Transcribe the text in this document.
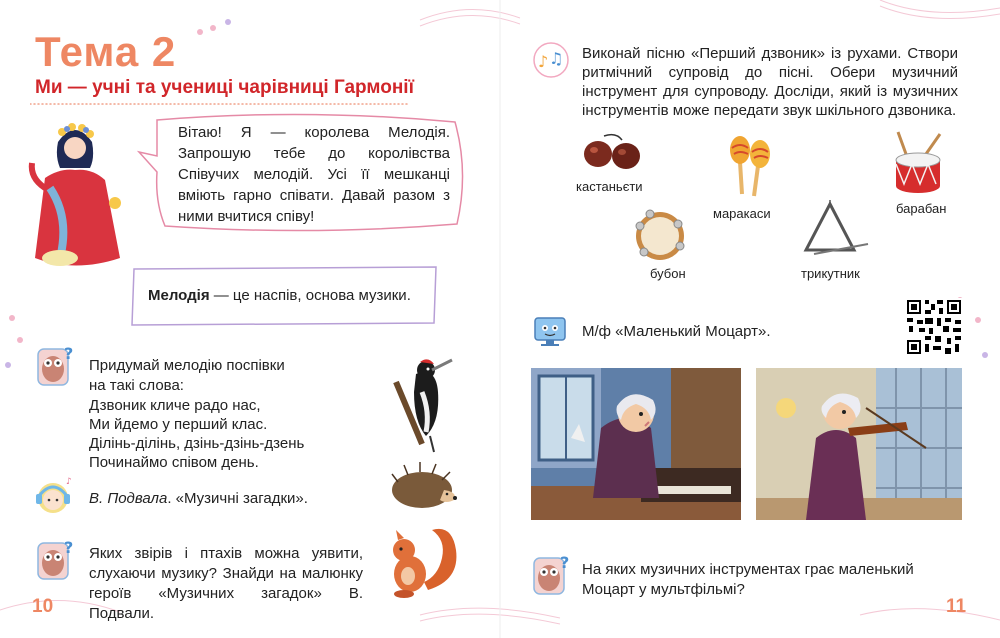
Тема 2
Ми — учні та учениці чарівниці Гармонії
Вітаю! Я — королева Мелодія. Запрошую тебе до королівства Співучих мелодій. Усі її мешканці вміють гарно співати. Давай разом з ними вчитися співу!
Мелодія — це наспів, основа музики.
?
Придумай мелодію поспівки
на такі слова:
Дзвоник кличе радо нас,
Ми йдемо у перший клас.
Ділінь-ділінь, дзінь-дзінь-дзень
Починаймо співом день.
♪
В. Подвала. «Музичні загадки».
? Яких звірів і птахів можна уявити, слухаючи музику? Знайди на малюнку героїв «Музичних загадок» В. Подвали.
10
♪ ♫ Виконай пісню «Перший дзвоник» із рухами. Створи ритмічний супровід до пісні. Обери музичний інструмент для супроводу. Досліди, який із музичних інструментів може передати звук шкільного дзвоника.
кастаньєти
маракаси	барабан
бубон	трикутник
М/ф «Маленький Моцарт».
? На яких музичних інструментах грає маленький Моцарт у мультфільмі?
11
